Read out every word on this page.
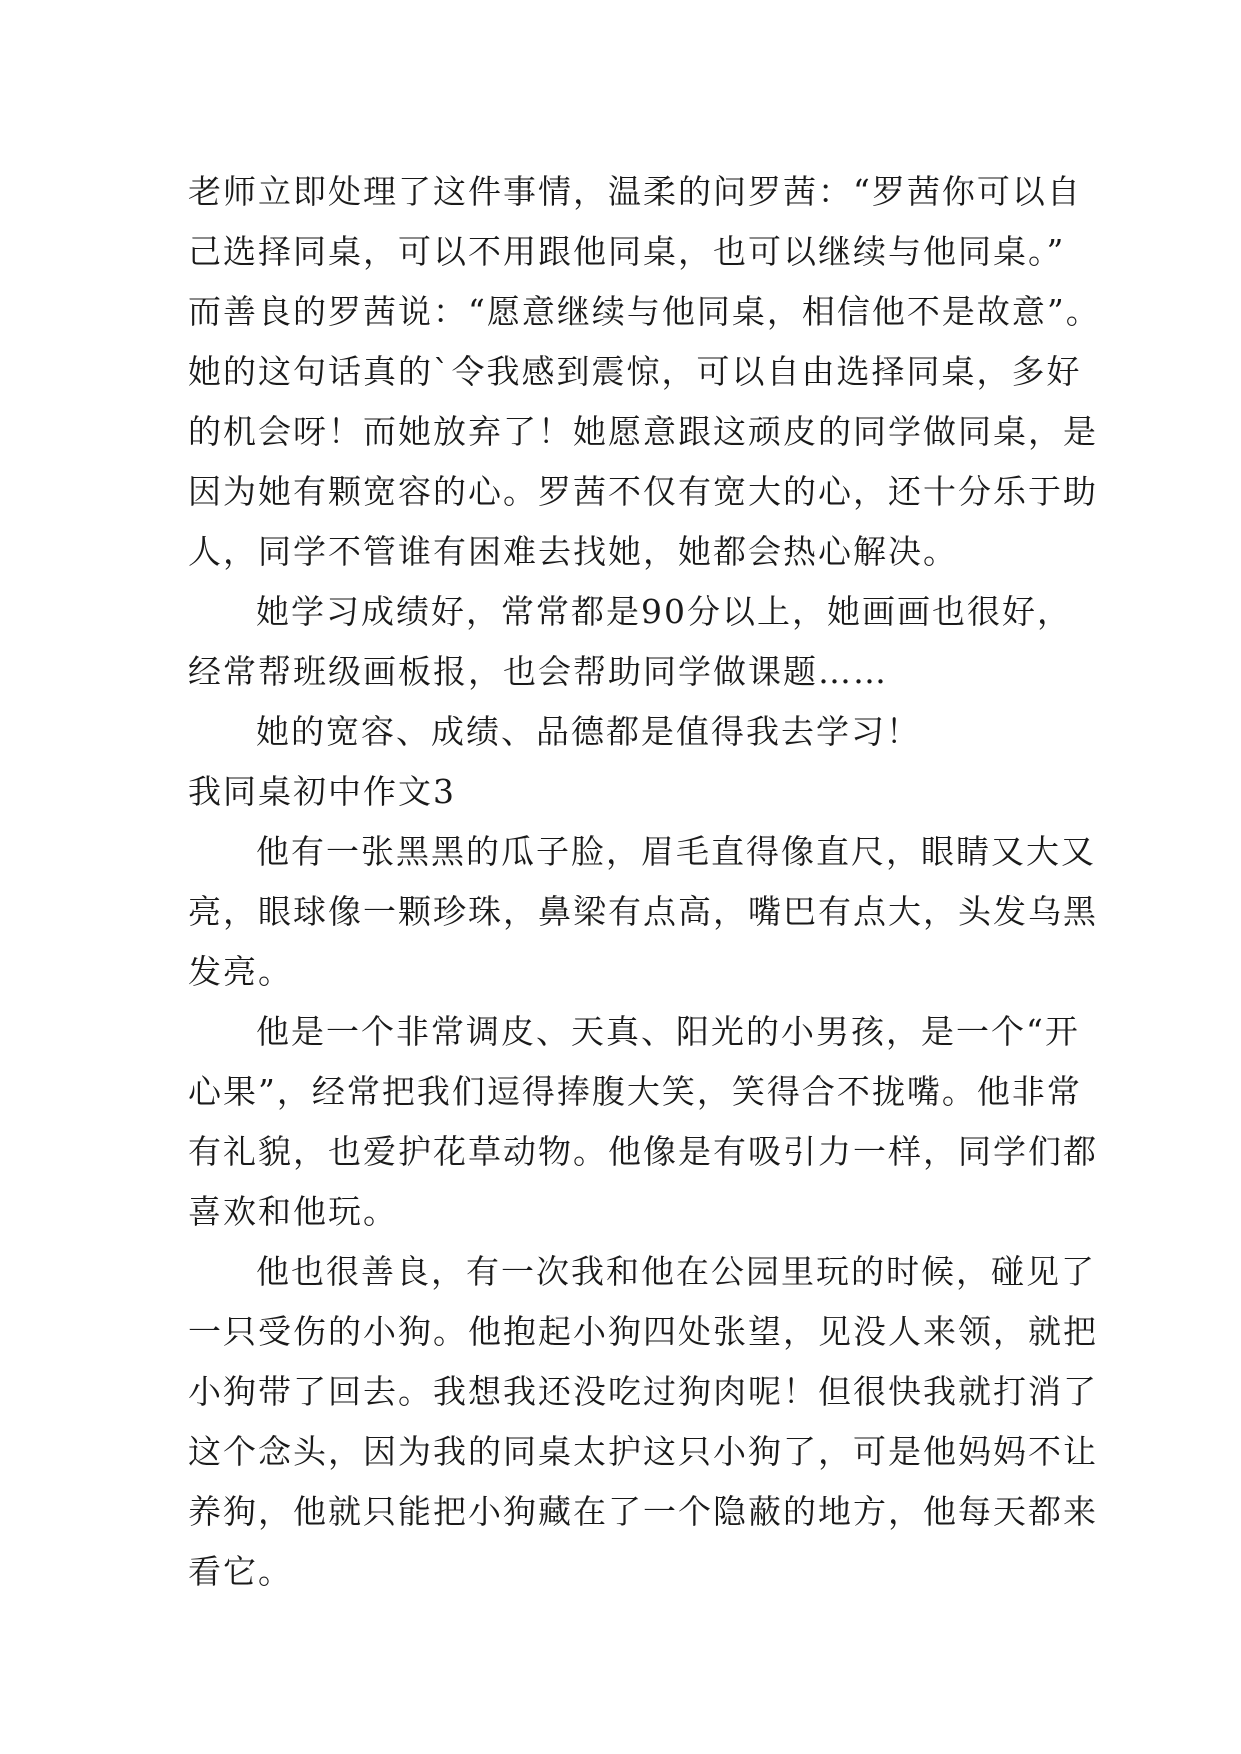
老师立即处理了这件事情，温柔的问罗茜：“罗茜你可以自
己选择同桌，可以不用跟他同桌，也可以继续与他同桌。”
而善良的罗茜说：“愿意继续与他同桌，相信他不是故意”。
她的这句话真的`令我感到震惊，可以自由选择同桌，多好
的机会呀！而她放弃了！她愿意跟这顽皮的同学做同桌，是
因为她有颗宽容的心。罗茜不仅有宽大的心，还十分乐于助
人，同学不管谁有困难去找她，她都会热心解决。
她学习成绩好，常常都是90分以上，她画画也很好，
经常帮班级画板报，也会帮助同学做课题……
她的宽容、成绩、品德都是值得我去学习！
我同桌初中作文3
他有一张黑黑的瓜子脸，眉毛直得像直尺，眼睛又大又
亮，眼球像一颗珍珠，鼻梁有点高，嘴巴有点大，头发乌黑
发亮。
他是一个非常调皮、天真、阳光的小男孩，是一个“开
心果”，经常把我们逗得捧腹大笑，笑得合不拢嘴。他非常
有礼貌，也爱护花草动物。他像是有吸引力一样，同学们都
喜欢和他玩。
他也很善良，有一次我和他在公园里玩的时候，碰见了
一只受伤的小狗。他抱起小狗四处张望，见没人来领，就把
小狗带了回去。我想我还没吃过狗肉呢！但很快我就打消了
这个念头，因为我的同桌太护这只小狗了，可是他妈妈不让
养狗，他就只能把小狗藏在了一个隐蔽的地方，他每天都来
看它。
